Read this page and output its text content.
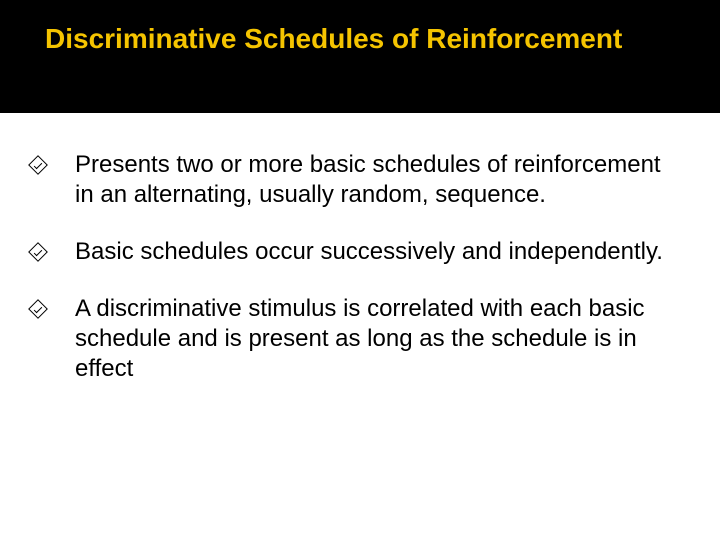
Discriminative Schedules of Reinforcement
Presents two or more basic schedules of reinforcement in an alternating, usually random, sequence.
Basic schedules occur successively and independently.
A discriminative stimulus is correlated with each basic schedule and is present as long as the schedule is in effect
